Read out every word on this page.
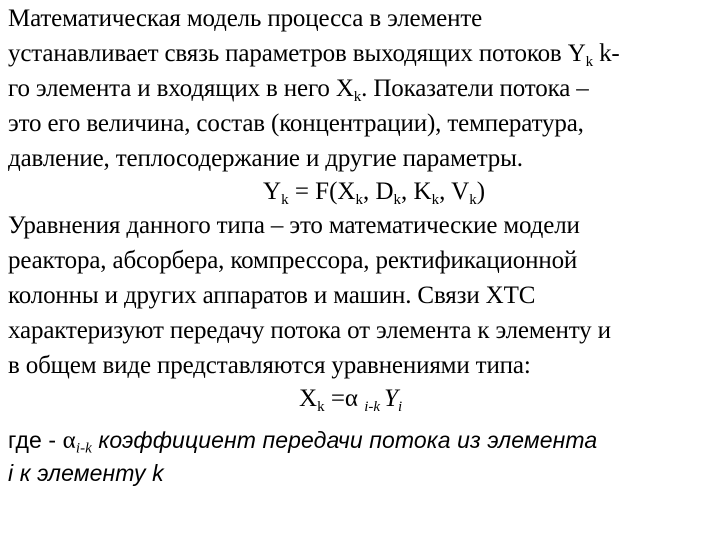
Математическая модель процесса в элементе
устанавливает связь параметров выходящих потоков $Y_k$ k-
го элемента и входящих в него $X_k$. Показатели потока –
это его величина, состав (концентрации), температура,
давление, теплосодержание и другие параметры.
$Y_k = F(X_k$, $D_k$, $K_k$, $V_k$)
Уравнения данного типа – это математические модели
реактора, абсорбера, компрессора, ректификационной
колонны и других аппаратов и машин. Связи ХТС
характеризуют передачу потока от элемента к элементу и
в общем виде представляются уравнениями типа:
$X_k =\alpha$ $_{i-k}$ $Y_i$
где - $\alpha_{i-k}$ коэффициент передачи потока из элемента
i к элементу k
